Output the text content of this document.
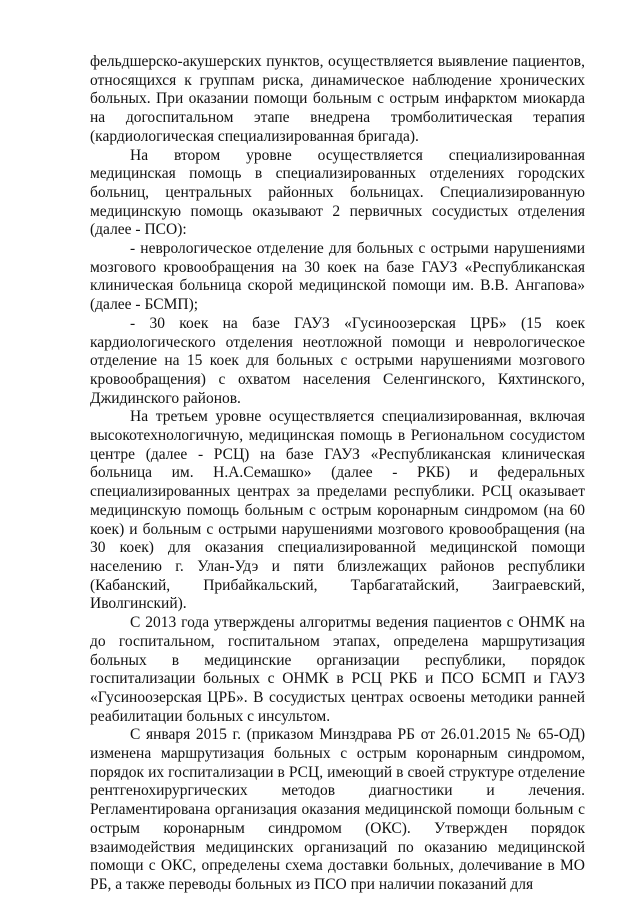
фельдшерско-акушерских пунктов, осуществляется выявление пациентов, относящихся к группам риска, динамическое наблюдение хронических больных. При оказании помощи больным с острым инфарктом миокарда на догоспитальном этапе внедрена тромболитическая терапия (кардиологическая специализированная бригада).

На втором уровне осуществляется специализированная медицинская помощь в специализированных отделениях городских больниц, центральных районных больницах. Специализированную медицинскую помощь оказывают 2 первичных сосудистых отделения (далее - ПСО):

- неврологическое отделение для больных с острыми нарушениями мозгового кровообращения на 30 коек на базе ГАУЗ «Республиканская клиническая больница скорой медицинской помощи им. В.В. Ангапова» (далее - БСМП);

- 30 коек на базе ГАУЗ «Гусиноозерская ЦРБ» (15 коек кардиологического отделения неотложной помощи и неврологическое отделение на 15 коек для больных с острыми нарушениями мозгового кровообращения) с охватом населения Селенгинского, Кяхтинского, Джидинского районов.

На третьем уровне осуществляется специализированная, включая высокотехнологичную, медицинская помощь в Региональном сосудистом центре (далее - РСЦ) на базе ГАУЗ «Республиканская клиническая больница им. Н.А.Семашко» (далее - РКБ) и федеральных специализированных центрах за пределами республики. РСЦ оказывает медицинскую помощь больным с острым коронарным синдромом (на 60 коек) и больным с острыми нарушениями мозгового кровообращения (на 30 коек) для оказания специализированной медицинской помощи населению г. Улан-Удэ и пяти близлежащих районов республики (Кабанский, Прибайкальский, Тарбагатайский, Заиграевский, Иволгинский).

С 2013 года утверждены алгоритмы ведения пациентов с ОНМК на до госпитальном, госпитальном этапах, определена маршрутизация больных в медицинские организации республики, порядок госпитализации больных с ОНМК в РСЦ РКБ и ПСО БСМП и ГАУЗ «Гусиноозерская ЦРБ». В сосудистых центрах освоены методики ранней реабилитации больных с инсультом.

С января 2015 г. (приказом Минздрава РБ от 26.01.2015 № 65-ОД) изменена маршрутизация больных с острым коронарным синдромом, порядок их госпитализации в РСЦ, имеющий в своей структуре отделение рентгенохирургических методов диагностики и лечения. Регламентирована организация оказания медицинской помощи больным с острым коронарным синдромом (ОКС). Утвержден порядок взаимодействия медицинских организаций по оказанию медицинской помощи с ОКС, определены схема доставки больных, долечивание в МО РБ, а также переводы больных из ПСО при наличии показаний для
